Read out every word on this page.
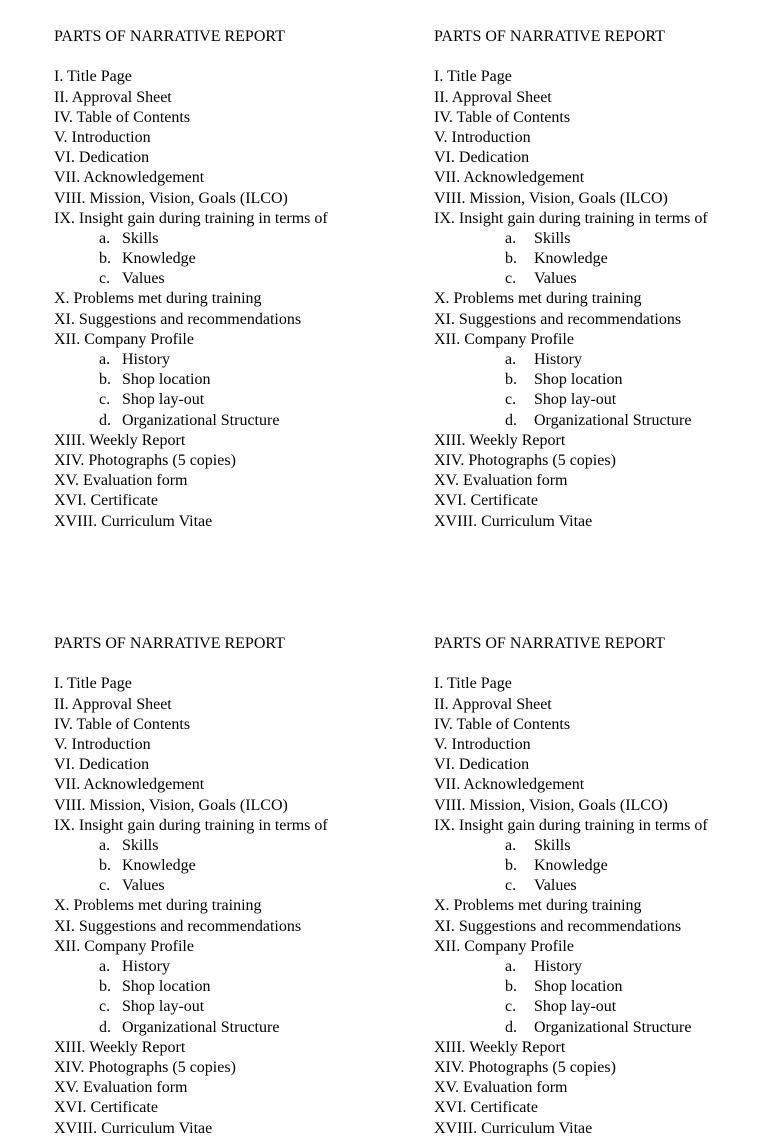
PARTS OF NARRATIVE REPORT
I. Title Page
II. Approval Sheet
IV. Table of Contents
V. Introduction
VI. Dedication
VII. Acknowledgement
VIII. Mission, Vision, Goals (ILCO)
IX. Insight gain during training in terms of
a. Skills
b. Knowledge
c. Values
X. Problems met during training
XI. Suggestions and recommendations
XII. Company Profile
a. History
b. Shop location
c. Shop lay-out
d. Organizational Structure
XIII. Weekly Report
XIV. Photographs (5 copies)
XV. Evaluation form
XVI. Certificate
XVIII. Curriculum Vitae
PARTS OF NARRATIVE REPORT
I. Title Page
II. Approval Sheet
IV. Table of Contents
V. Introduction
VI. Dedication
VII. Acknowledgement
VIII. Mission, Vision, Goals (ILCO)
IX. Insight gain during training in terms of
a. Skills
b. Knowledge
c. Values
X. Problems met during training
XI. Suggestions and recommendations
XII. Company Profile
a. History
b. Shop location
c. Shop lay-out
d. Organizational Structure
XIII. Weekly Report
XIV. Photographs (5 copies)
XV. Evaluation form
XVI. Certificate
XVIII. Curriculum Vitae
PARTS OF NARRATIVE REPORT
I. Title Page
II. Approval Sheet
IV. Table of Contents
V. Introduction
VI. Dedication
VII. Acknowledgement
VIII. Mission, Vision, Goals (ILCO)
IX. Insight gain during training in terms of
a. Skills
b. Knowledge
c. Values
X. Problems met during training
XI. Suggestions and recommendations
XII. Company Profile
a. History
b. Shop location
c. Shop lay-out
d. Organizational Structure
XIII. Weekly Report
XIV. Photographs (5 copies)
XV. Evaluation form
XVI. Certificate
XVIII. Curriculum Vitae
PARTS OF NARRATIVE REPORT
I. Title Page
II. Approval Sheet
IV. Table of Contents
V. Introduction
VI. Dedication
VII. Acknowledgement
VIII. Mission, Vision, Goals (ILCO)
IX. Insight gain during training in terms of
a. Skills
b. Knowledge
c. Values
X. Problems met during training
XI. Suggestions and recommendations
XII. Company Profile
a. History
b. Shop location
c. Shop lay-out
d. Organizational Structure
XIII. Weekly Report
XIV. Photographs (5 copies)
XV. Evaluation form
XVI. Certificate
XVIII. Curriculum Vitae
